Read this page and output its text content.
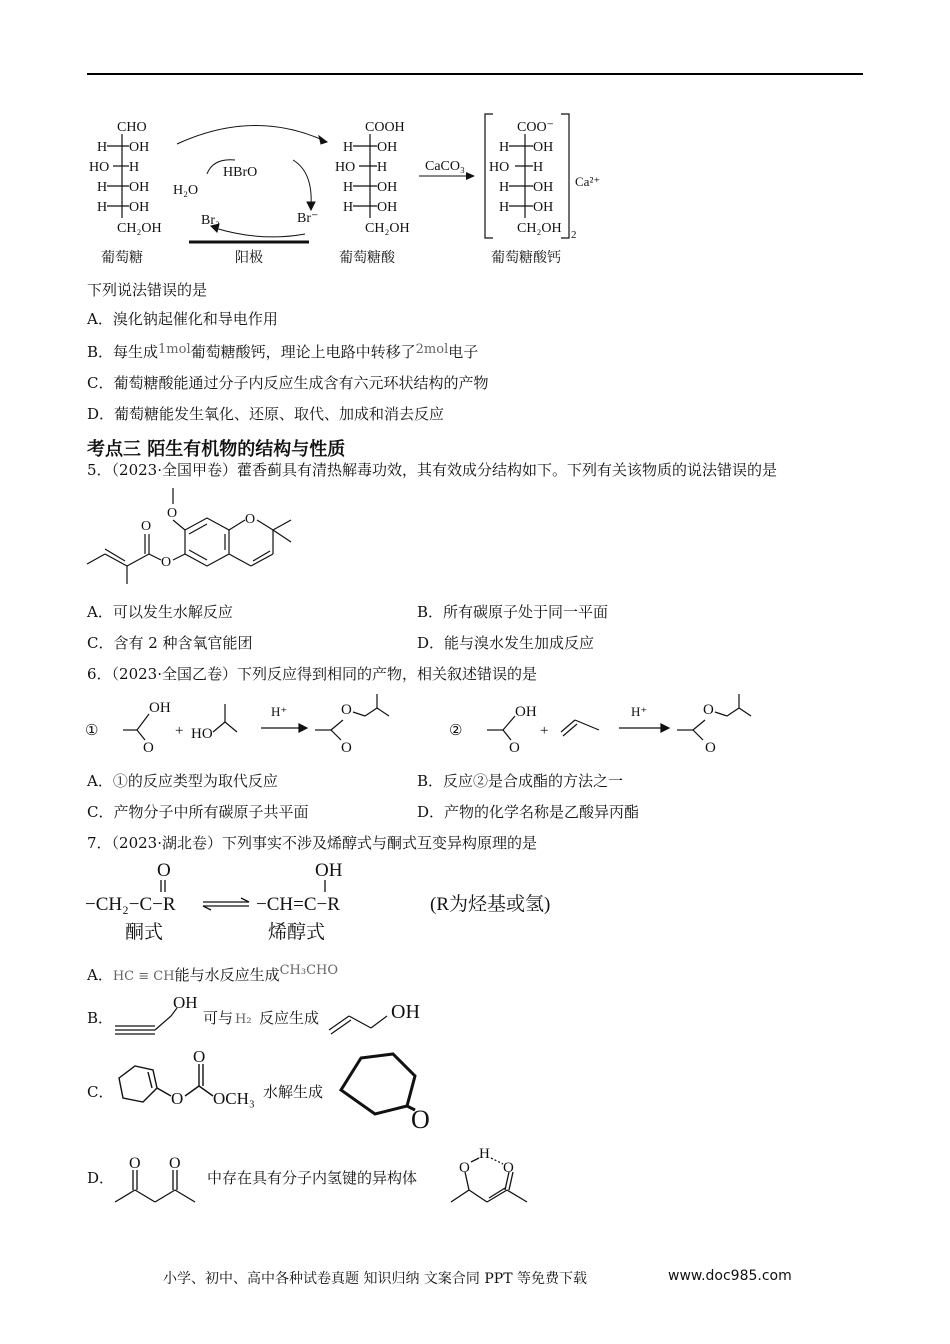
CHO
H OH
HO H
H OH
H OH
CH₂OH
葡萄糖
HBrO
H₂O
Br₂	Br⁻
阳极
COOH
H OH
HO H
H OH
H OH
CH₂OH
葡萄糖酸
CaCO₃
COO⁻
H OH
HO H
H OH
H OH
CH₂OH
Ca²⁺
2
葡萄糖酸钙
下列说法错误的是
A．溴化钠起催化和导电作用
B．每生成1mol葡萄糖酸钙，理论上电路中转移了2mol电子
C．葡萄糖酸能通过分子内反应生成含有六元环状结构的产物
D．葡萄糖能发生氧化、还原、取代、加成和消去反应
考点三 陌生有机物的结构与性质
5．（2023·全国甲卷）藿香蓟具有清热解毒功效，其有效成分结构如下。下列有关该物质的说法错误的是
O	O
O
O
A．可以发生水解反应	B．所有碳原子处于同一平面
C．含有 2 种含氧官能团	D．能与溴水发生加成反应
6．（2023·全国乙卷）下列反应得到相同的产物，相关叙述错误的是
①
OH
O
+ HO
H⁺	O
O
②
OH
O
+
H⁺	O
O
A．①的反应类型为取代反应	B．反应②是合成酯的方法之一
C．产物分子中所有碳原子共平面	D．产物的化学名称是乙酸异丙酯
7．（2023·湖北卷）下列事实不涉及烯醇式与酮式互变异构原理的是
−CH₂−C−R	−CH=C−R	(R为烃基或氢)
O	OH
酮式	烯醇式
A．HC ≡ CH能与水反应生成CH₃CHO
B．
OH
可与 H₂ 反应生成	OH
C．	O
O
OCH₃ 水解生成
O
D．
O O
中存在具有分子内氢键的异构体
O
H
O
小学、初中、高中各种试卷真题 知识归纳 文案合同 PPT 等免费下载	www.doc985.com
